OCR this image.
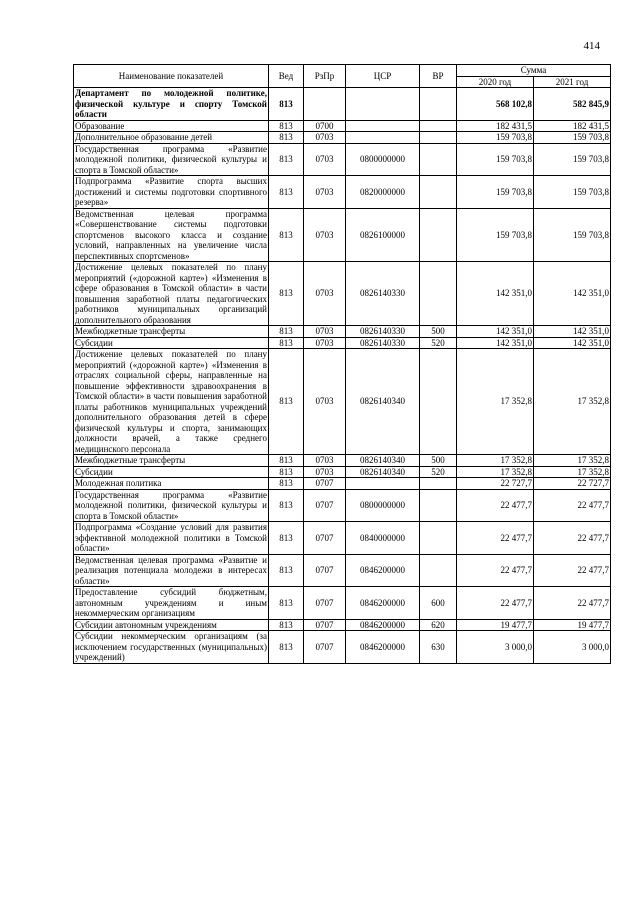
414
Наименование показателей	Вед	РзПр	ЦСР	ВР	Сумма	
					2020 год	2021 год
Департамент по молодежной политике, физической культуре и спорту Томской области	813				568 102,8	582 845,9
Образование	813	0700			182 431,5	182 431,5
Дополнительное образование детей	813	0703			159 703,8	159 703,8
Государственная программа «Развитие молодежной политики, физической культуры и спорта в Томской области»	813	0703	0800000000		159 703,8	159 703,8
Подпрограмма «Развитие спорта высших достижений и системы подготовки спортивного резерва»	813	0703	0820000000		159 703,8	159 703,8
Ведомственная целевая программа «Совершенствование системы подготовки спортсменов высокого класса и создание условий, направленных на увеличение числа перспективных спортсменов»	813	0703	0826100000		159 703,8	159 703,8
Достижение целевых показателей по плану мероприятий («дорожной карте») «Изменения в сфере образования в Томской области» в части повышения заработной платы педагогических работников муниципальных организаций дополнительного образования	813	0703	0826140330		142 351,0	142 351,0
Межбюджетные трансферты	813	0703	0826140330	500	142 351,0	142 351,0
Субсидии	813	0703	0826140330	520	142 351,0	142 351,0
Достижение целевых показателей по плану мероприятий («дорожной карте») «Изменения в отраслях социальной сферы, направленные на повышение эффективности здравоохранения в Томской области» в части повышения заработной платы работников муниципальных учреждений дополнительного образования детей в сфере физической культуры и спорта, занимающих должности врачей, а также среднего медицинского персонала	813	0703	0826140340		17 352,8	17 352,8
Межбюджетные трансферты	813	0703	0826140340	500	17 352,8	17 352,8
Субсидии	813	0703	0826140340	520	17 352,8	17 352,8
Молодежная политика	813	0707			22 727,7	22 727,7
Государственная программа «Развитие молодежной политики, физической культуры и спорта в Томской области»	813	0707	0800000000		22 477,7	22 477,7
Подпрограмма «Создание условий для развития эффективной молодежной политики в Томской области»	813	0707	0840000000		22 477,7	22 477,7
Ведомственная целевая программа «Развитие и реализация потенциала молодежи в интересах области»	813	0707	0846200000		22 477,7	22 477,7
Предоставление субсидий бюджетным, автономным учреждениям и иным некоммерческим организациям	813	0707	0846200000	600	22 477,7	22 477,7
Субсидии автономным учреждениям	813	0707	0846200000	620	19 477,7	19 477,7
Субсидии некоммерческим организациям (за исключением государственных (муниципальных) учреждений)	813	0707	0846200000	630	3 000,0	3 000,0
